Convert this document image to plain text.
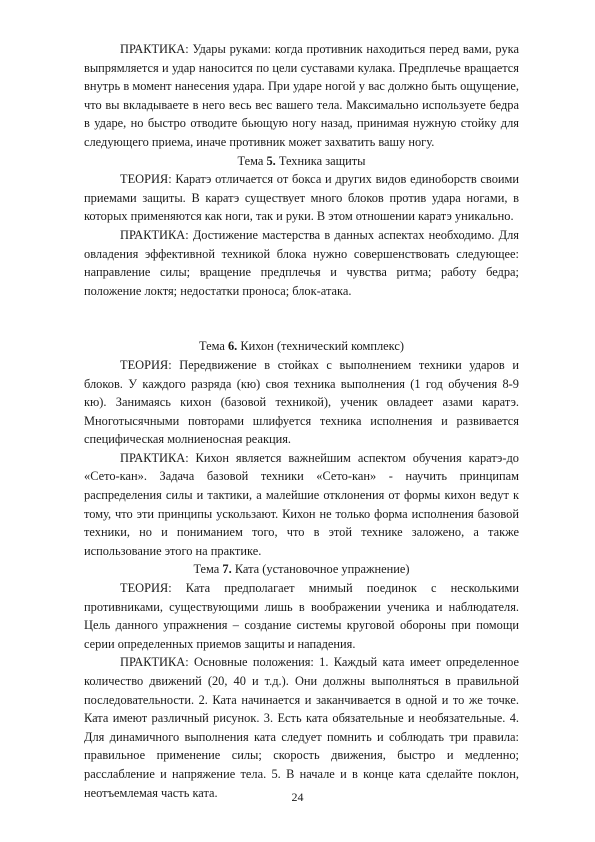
ПРАКТИКА: Удары руками: когда противник находиться перед вами, рука выпрямляется и удар наносится по цели суставами кулака. Предплечье вращается внутрь в момент нанесения удара. При ударе ногой у вас должно быть ощущение, что вы вкладываете в него весь вес вашего тела. Максимально используете бедра в ударе, но быстро отводите бьющую ногу назад, принимая нужную стойку для следующего приема, иначе противник может захватить вашу ногу.

Тема 5. Техника защиты

ТЕОРИЯ: Каратэ отличается от бокса и других видов единоборств своими приемами защиты. В каратэ существует много блоков против удара ногами, в которых применяются как ноги, так и руки. В этом отношении каратэ уникально.

ПРАКТИКА: Достижение мастерства в данных аспектах необходимо. Для овладения эффективной техникой блока нужно совершенствовать следующее: направление силы; вращение предплечья и чувства ритма; работу бедра; положение локтя; недостатки проноса; блок-атака.

Тема 6. Кихон (технический комплекс)

ТЕОРИЯ: Передвижение в стойках с выполнением техники ударов и блоков. У каждого разряда (кю) своя техника выполнения (1 год обучения 8-9 кю). Занимаясь кихон (базовой техникой), ученик овладеет азами каратэ. Многотысячными повторами шлифуется техника исполнения и развивается специфическая молниеносная реакция.

ПРАКТИКА: Кихон является важнейшим аспектом обучения каратэ-до «Сето-кан». Задача базовой техники «Сето-кан» - научить принципам распределения силы и тактики, а малейшие отклонения от формы кихон ведут к тому, что эти принципы ускользают. Кихон не только форма исполнения базовой техники, но и пониманием того, что в этой технике заложено, а также использование этого на практике.

Тема 7. Ката (установочное упражнение)

ТЕОРИЯ: Ката предполагает мнимый поединок с несколькими противниками, существующими лишь в воображении ученика и наблюдателя. Цель данного упражнения – создание системы круговой обороны при помощи серии определенных приемов защиты и нападения.

ПРАКТИКА: Основные положения: 1. Каждый ката имеет определенное количество движений (20, 40 и т.д.). Они должны выполняться в правильной последовательности. 2. Ката начинается и заканчивается в одной и то же точке. Ката имеют различный рисунок. 3. Есть ката обязательные и необязательные. 4. Для динамичного выполнения ката следует помнить и соблюдать три правила: правильное применение силы; скорость движения, быстро и медленно; расслабление и напряжение тела. 5. В начале и в конце ката сделайте поклон, неотъемлемая часть ката.	24
